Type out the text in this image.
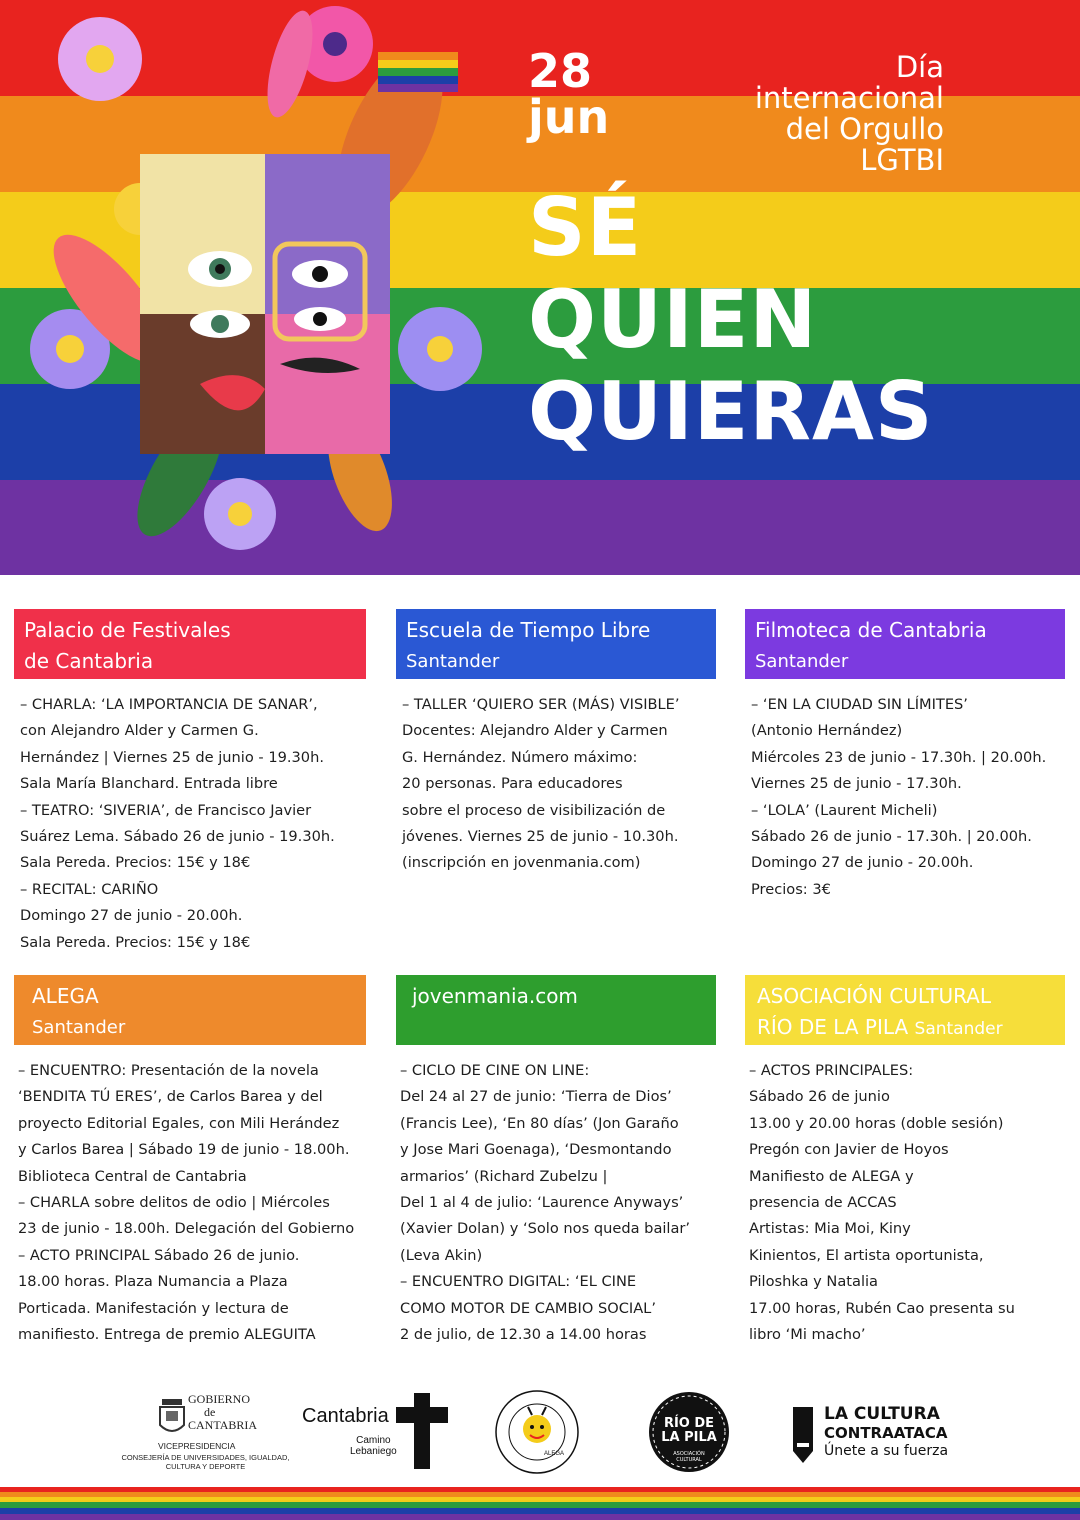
28
jun
Día
internacional
del Orgullo
LGTBI
SÉ
QUIEN
QUIERAS
Palacio de Festivales
de Cantabria

– CHARLA: ‘LA IMPORTANCIA DE SANAR’,

con Alejandro Alder y Carmen G.

Hernández | Viernes 25 de junio - 19.30h.

Sala María Blanchard. Entrada libre

– TEATRO: ‘SIVERIA’, de Francisco Javier

Suárez Lema. Sábado 26 de junio - 19.30h.

Sala Pereda. Precios: 15€ y 18€

– RECITAL: CARIÑO

Domingo 27 de junio - 20.00h.

Sala Pereda. Precios: 15€ y 18€

Escuela de Tiempo Libre
Santander

– TALLER ‘QUIERO SER (MÁS) VISIBLE’

Docentes: Alejandro Alder y Carmen

G. Hernández. Número máximo:

20 personas. Para educadores

sobre el proceso de visibilización de

jóvenes. Viernes 25 de junio - 10.30h.

(inscripción en jovenmania.com)

Filmoteca de Cantabria
Santander

– ‘EN LA CIUDAD SIN LÍMITES’

(Antonio Hernández)

Miércoles 23 de junio - 17.30h. | 20.00h.

Viernes 25 de junio - 17.30h.

– ‘LOLA’ (Laurent Micheli)

Sábado 26 de junio - 17.30h. | 20.00h.

Domingo 27 de junio - 20.00h.

Precios: 3€

ALEGA
Santander

– ENCUENTRO: Presentación de la novela

‘BENDITA TÚ ERES’, de Carlos Barea y del

proyecto Editorial Egales, con Mili Herández

y Carlos Barea | Sábado 19 de junio - 18.00h.

Biblioteca Central de Cantabria

– CHARLA sobre delitos de odio | Miércoles

23 de junio - 18.00h. Delegación del Gobierno

– ACTO PRINCIPAL Sábado 26 de junio.

18.00 horas. Plaza Numancia a Plaza

Porticada. Manifestación y lectura de

manifiesto. Entrega de premio ALEGUITA

jovenmania.com

– CICLO DE CINE ON LINE:

Del 24 al 27 de junio: ‘Tierra de Dios’

(Francis Lee), ‘En 80 días’ (Jon Garaño

y Jose Mari Goenaga), ‘Desmontando

armarios’ (Richard Zubelzu |

Del 1 al 4 de julio: ‘Laurence Anyways’

(Xavier Dolan) y ‘Solo nos queda bailar’

(Leva Akin)

– ENCUENTRO DIGITAL: ‘EL CINE

COMO MOTOR DE CAMBIO SOCIAL’

2 de julio, de 12.30 a 14.00 horas

ASOCIACIÓN CULTURAL
RÍO DE LA PILA Santander

– ACTOS PRINCIPALES:

Sábado 26 de junio

13.00 y 20.00 horas (doble sesión)

Pregón con Javier de Hoyos

Manifiesto de ALEGA y

presencia de ACCAS

Artistas: Mia Moi, Kiny

Kinientos, El artista oportunista,

Piloshka y Natalia

17.00 horas, Rubén Cao presenta su

libro ‘Mi macho’

GOBIERNO
de
CANTABRIA
VICEPRESIDENCIA
CONSEJERÍA DE UNIVERSIDADES, IGUALDAD,
CULTURA Y DEPORTE
Cantabria
Camino
Lebaniego	ALEGA
RÍO DE LA PILA
ASOCIACIÓN CULTURAL
LA CULTURA
CONTRAATACA
Únete a su fuerza
